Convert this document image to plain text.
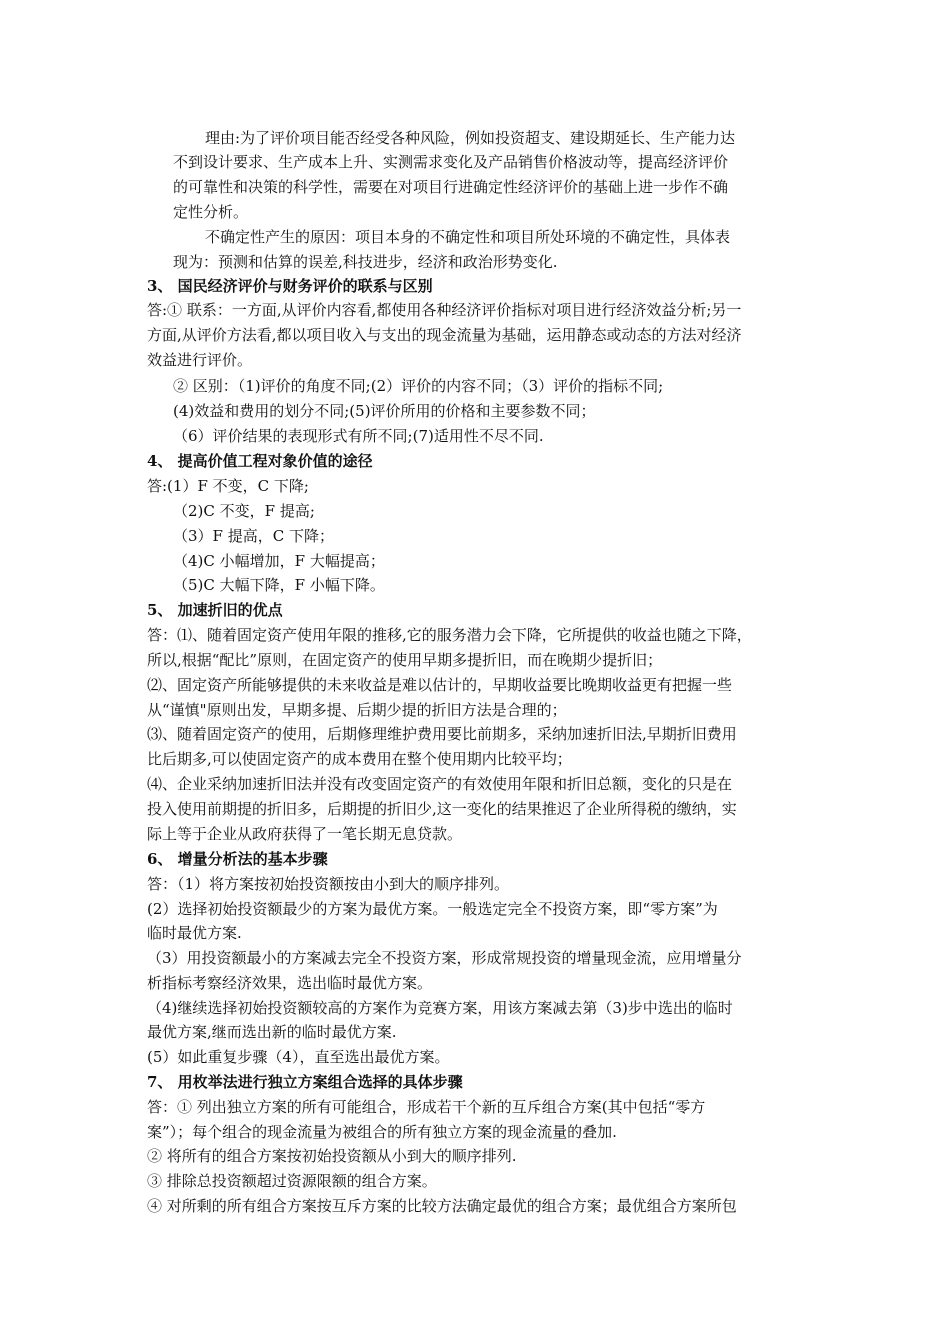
理由:为了评价项目能否经受各种风险，例如投资超支、建设期延长、生产能力达
不到设计要求、生产成本上升、实测需求变化及产品销售价格波动等，提高经济评价
的可靠性和决策的科学性，需要在对项目行进确定性经济评价的基础上进一步作不确
定性分析。
不确定性产生的原因：项目本身的不确定性和项目所处环境的不确定性，具体表
现为：预测和估算的误差,科技进步，经济和政治形势变化.
3、 国民经济评价与财务评价的联系与区别
答:① 联系：一方面,从评价内容看,都使用各种经济评价指标对项目进行经济效益分析;另一
方面,从评价方法看,都以项目收入与支出的现金流量为基础，运用静态或动态的方法对经济
效益进行评价。
② 区别：（1)评价的角度不同;(2）评价的内容不同；（3）评价的指标不同;
(4)效益和费用的划分不同;(5)评价所用的价格和主要参数不同；
（6）评价结果的表现形式有所不同;(7)适用性不尽不同.
4、 提高价值工程对象价值的途径
答:(1）F 不变，C 下降;
（2)C 不变，F 提高;
（3）F 提高，C 下降；
（4)C 小幅增加，F 大幅提高；
（5)C 大幅下降，F 小幅下降。
5、 加速折旧的优点
答：⑴、随着固定资产使用年限的推移,它的服务潜力会下降，它所提供的收益也随之下降，
所以,根据“配比”原则，在固定资产的使用早期多提折旧，而在晚期少提折旧；
⑵、固定资产所能够提供的未来收益是难以估计的，早期收益要比晚期收益更有把握一些
从“谨慎"原则出发，早期多提、后期少提的折旧方法是合理的；
⑶、随着固定资产的使用，后期修理维护费用要比前期多，采纳加速折旧法,早期折旧费用
比后期多,可以使固定资产的成本费用在整个使用期内比较平均；
⑷、企业采纳加速折旧法并没有改变固定资产的有效使用年限和折旧总额，变化的只是在
投入使用前期提的折旧多，后期提的折旧少,这一变化的结果推迟了企业所得税的缴纳，实
际上等于企业从政府获得了一笔长期无息贷款。
6、 增量分析法的基本步骤
答：（1）将方案按初始投资额按由小到大的顺序排列。
(2）选择初始投资额最少的方案为最优方案。一般选定完全不投资方案，即“零方案”为
临时最优方案.
（3）用投资额最小的方案减去完全不投资方案，形成常规投资的增量现金流，应用增量分
析指标考察经济效果，选出临时最优方案。
（4)继续选择初始投资额较高的方案作为竞赛方案，用该方案减去第（3)步中选出的临时
最优方案,继而选出新的临时最优方案.
(5）如此重复步骤（4），直至选出最优方案。
7、 用枚举法进行独立方案组合选择的具体步骤
答：① 列出独立方案的所有可能组合，形成若干个新的互斥组合方案(其中包括“零方
案”）；每个组合的现金流量为被组合的所有独立方案的现金流量的叠加.
② 将所有的组合方案按初始投资额从小到大的顺序排列.
③ 排除总投资额超过资源限额的组合方案。
④ 对所剩的所有组合方案按互斥方案的比较方法确定最优的组合方案；最优组合方案所包
